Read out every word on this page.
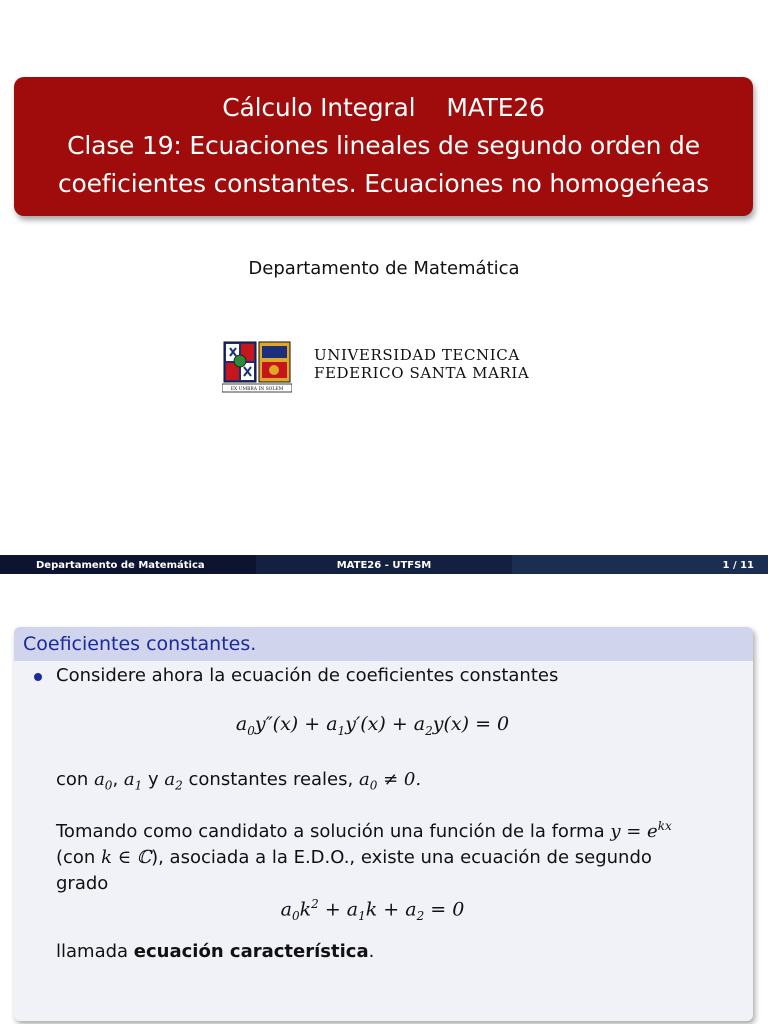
Cálculo Integral    MATE26
Clase 19: Ecuaciones lineales de segundo orden de
coeficientes constantes. Ecuaciones no homogeńeas
Departamento de Matemática
EX UMBRA IN SOLEM
UNIVERSIDAD TECNICA
FEDERICO SANTA MARIA
Departamento de Matemática	MATE26 - UTFSM	1 / 11
Coeficientes constantes.
Considere ahora la ecuación de coeficientes constantes
$a_0y''(x) + a_1y'(x) + a_2y(x) = 0$
con $a_0$, $a_1$ y $a_2$ constantes reales, $a_0 \ne 0$.
Tomando como candidato a solución una función de la forma $y = e^{kx}$
(con k ∈ ℂ), asociada a la E.D.O., existe una ecuación de segundo
grado
$a_0k^2 + a_1k + a_2 = 0$
llamada ecuación característica.
